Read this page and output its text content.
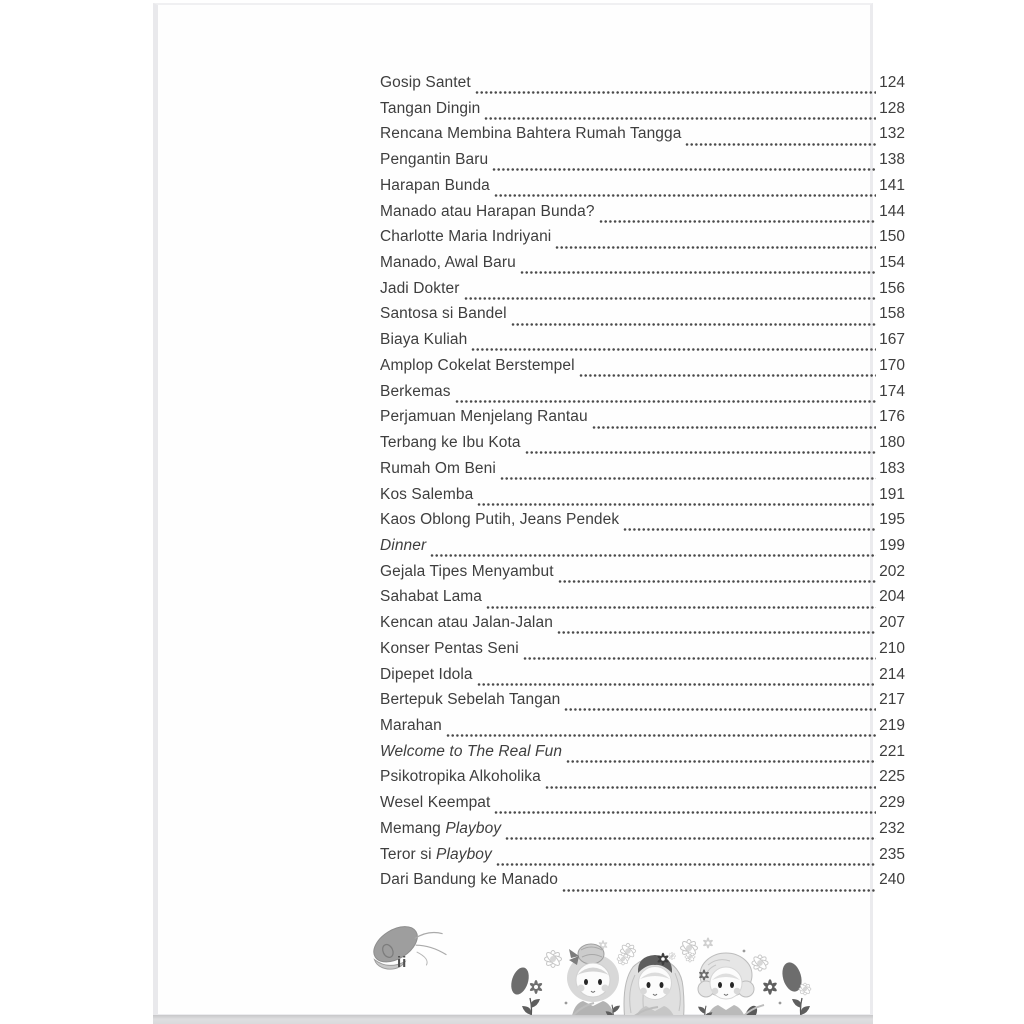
Gosip Santet	124
Tangan Dingin	128
Rencana Membina Bahtera Rumah Tangga	132
Pengantin Baru	138
Harapan Bunda	141
Manado atau Harapan Bunda?	144
Charlotte Maria Indriyani	150
Manado, Awal Baru	154
Jadi Dokter	156
Santosa si Bandel	158
Biaya Kuliah	167
Amplop Cokelat Berstempel	170
Berkemas	174
Perjamuan Menjelang Rantau	176
Terbang ke Ibu Kota	180
Rumah Om Beni	183
Kos Salemba	191
Kaos Oblong Putih, Jeans Pendek	195
Dinner	199
Gejala Tipes Menyambut	202
Sahabat Lama	204
Kencan atau Jalan-Jalan	207
Konser Pentas Seni	210
Dipepet Idola	214
Bertepuk Sebelah Tangan	217
Marahan	219
Welcome to The Real Fun	221
Psikotropika Alkoholika	225
Wesel Keempat	229
Memang Playboy	232
Teror si Playboy	235
Dari Bandung ke Manado	240
ii
